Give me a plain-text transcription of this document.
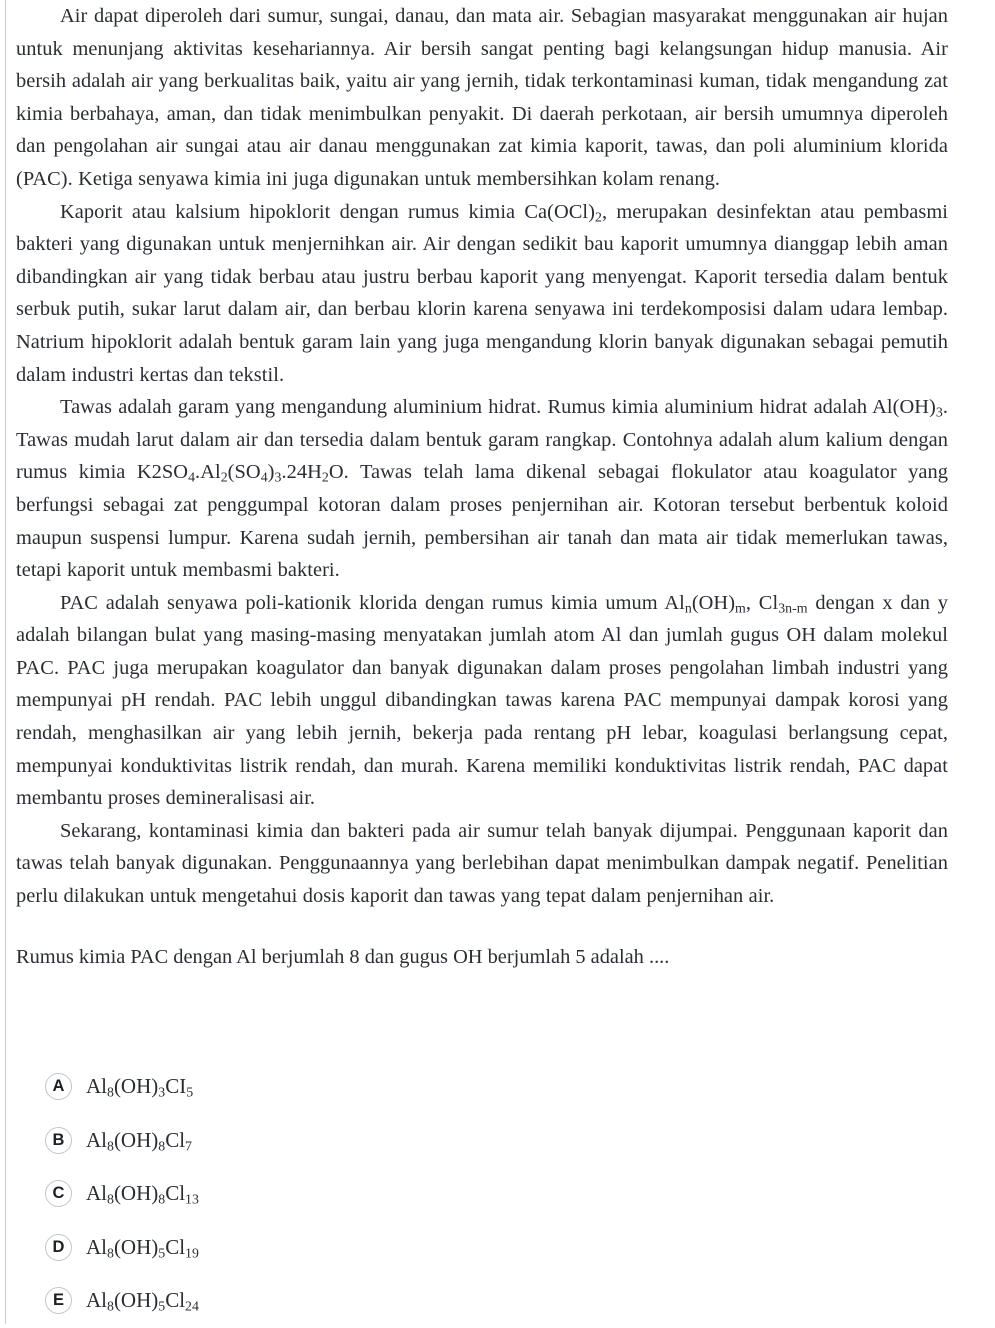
Air dapat diperoleh dari sumur, sungai, danau, dan mata air. Sebagian masyarakat menggunakan air hujan untuk menunjang aktivitas kesehariannya. Air bersih sangat penting bagi kelangsungan hidup manusia. Air bersih adalah air yang berkualitas baik, yaitu air yang jernih, tidak terkontaminasi kuman, tidak mengandung zat kimia berbahaya, aman, dan tidak menimbulkan penyakit. Di daerah perkotaan, air bersih umumnya diperoleh dan pengolahan air sungai atau air danau menggunakan zat kimia kaporit, tawas, dan poli aluminium klorida (PAC). Ketiga senyawa kimia ini juga digunakan untuk membersihkan kolam renang.

Kaporit atau kalsium hipoklorit dengan rumus kimia $Ca(OCl)_2$, merupakan desinfektan atau pembasmi bakteri yang digunakan untuk menjernihkan air. Air dengan sedikit bau kaporit umumnya dianggap lebih aman dibandingkan air yang tidak berbau atau justru berbau kaporit yang menyengat. Kaporit tersedia dalam bentuk serbuk putih, sukar larut dalam air, dan berbau klorin karena senyawa ini terdekomposisi dalam udara lembap. Natrium hipoklorit adalah bentuk garam lain yang juga mengandung klorin banyak digunakan sebagai pemutih dalam industri kertas dan tekstil.

Tawas adalah garam yang mengandung aluminium hidrat. Rumus kimia aluminium hidrat adalah $Al(OH)_3$. Tawas mudah larut dalam air dan tersedia dalam bentuk garam rangkap. Contohnya adalah alum kalium dengan rumus kimia $K2SO_4.Al_2(SO_4)_3.24H_2O$. Tawas telah lama dikenal sebagai flokulator atau koagulator yang berfungsi sebagai zat penggumpal kotoran dalam proses penjernihan air. Kotoran tersebut berbentuk koloid maupun suspensi lumpur. Karena sudah jernih, pembersihan air tanah dan mata air tidak memerlukan tawas, tetapi kaporit untuk membasmi bakteri.

PAC adalah senyawa poli-kationik klorida dengan rumus kimia umum $Al_n(OH)_m$, $Cl_{3n-m}$ dengan x dan y adalah bilangan bulat yang masing-masing menyatakan jumlah atom Al dan jumlah gugus OH dalam molekul PAC. PAC juga merupakan koagulator dan banyak digunakan dalam proses pengolahan limbah industri yang mempunyai pH rendah. PAC lebih unggul dibandingkan tawas karena PAC mempunyai dampak korosi yang rendah, menghasilkan air yang lebih jernih, bekerja pada rentang pH lebar, koagulasi berlangsung cepat, mempunyai konduktivitas listrik rendah, dan murah. Karena memiliki konduktivitas listrik rendah, PAC dapat membantu proses demineralisasi air.

Sekarang, kontaminasi kimia dan bakteri pada air sumur telah banyak dijumpai. Penggunaan kaporit dan tawas telah banyak digunakan. Penggunaannya yang berlebihan dapat menimbulkan dampak negatif. Penelitian perlu dilakukan untuk mengetahui dosis kaporit dan tawas yang tepat dalam penjernihan air.

Rumus kimia PAC dengan Al berjumlah 8 dan gugus OH berjumlah 5 adalah ....

A	$Al_8(OH)_3CI_5$
B	$Al_8(OH)_8Cl_7$
C	$Al_8(OH)_8Cl_{13}$
D	$Al_8(OH)_5Cl_{19}$
E	$Al_8(OH)_5Cl_{24}$
